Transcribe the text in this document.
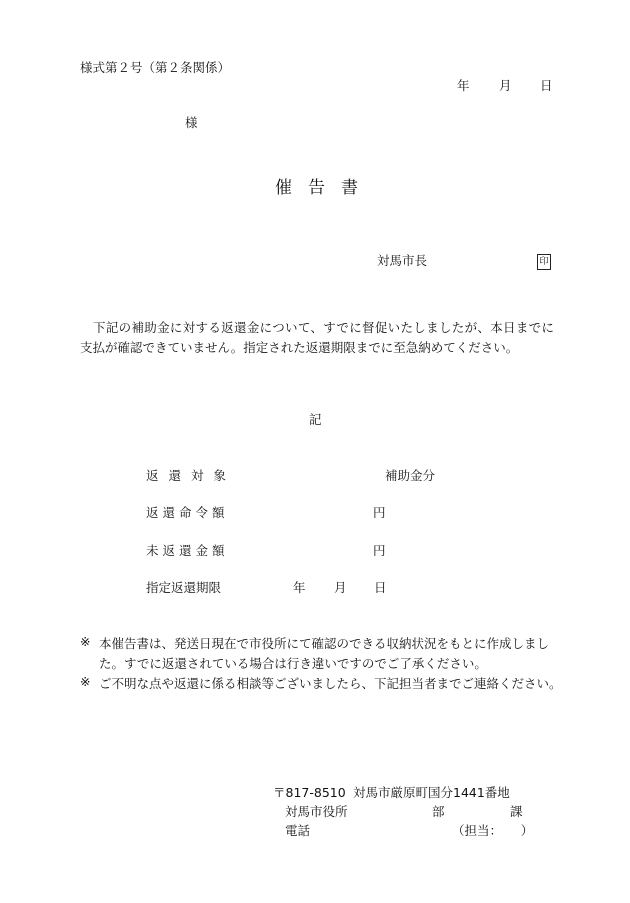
様式第２号（第２条関係）
年 月 日
様
催 告 書
対馬市長	印
下記の補助金に対する返還金について、すでに督促いたしましたが、本日までに支払が確認できていません。指定された返還期限までに至急納めてください。
記
返 還 対 象	補助金分
返還命令額	円
未返還金額	円
指定返還期限	年 月 日
※ 本催告書は、発送日現在で市役所にて確認のできる収納状況をもとに作成しました。すでに返還されている場合は行き違いですのでご了承ください。
※ ご不明な点や返還に係る相談等ございましたら、下記担当者までご連絡ください。
〒817-8510 対馬市厳原町国分1441番地
対馬市役所	部	課
電話	（担当：　　）
